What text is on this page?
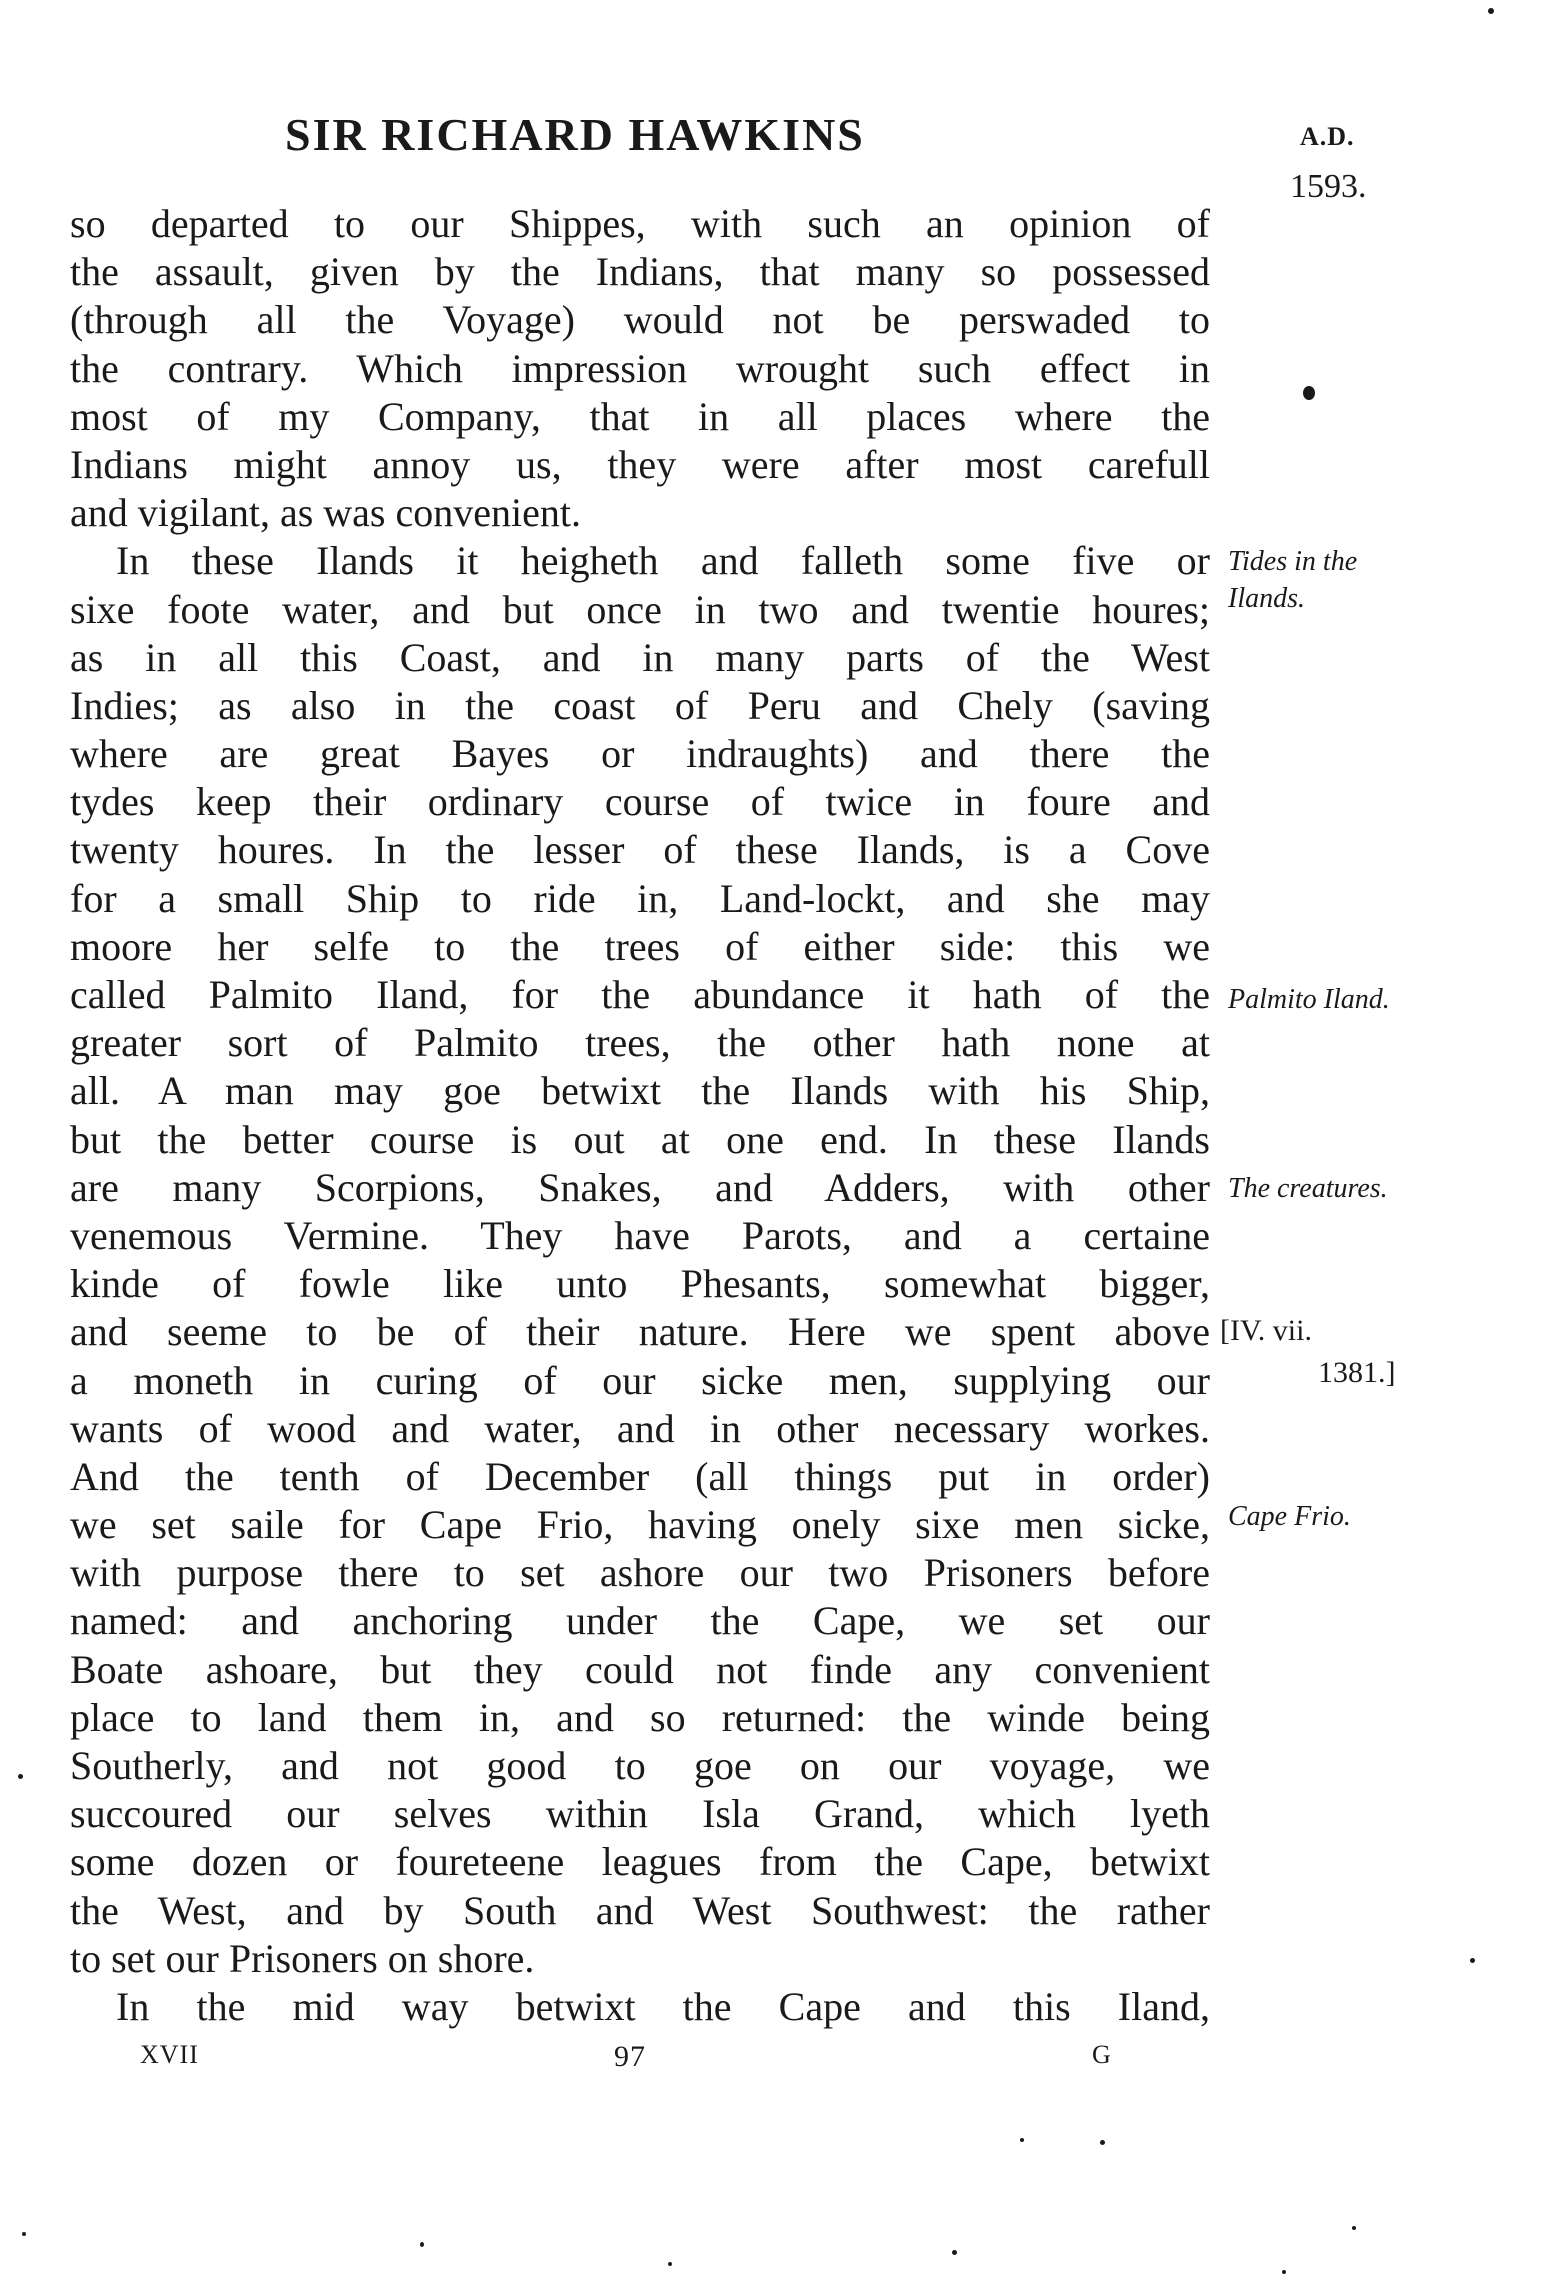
SIR RICHARD HAWKINS	A.D.
1593.
so departed to our Shippes, with such an opinion of
the assault, given by the Indians, that many so possessed
(through all the Voyage) would not be perswaded to
the contrary. Which impression wrought such effect in
most of my Company, that in all places where the
Indians might annoy us, they were after most carefull
and vigilant, as was convenient.
In these Ilands it heigheth and falleth some five or
sixe foote water, and but once in two and twentie houres;
as in all this Coast, and in many parts of the West
Indies; as also in the coast of Peru and Chely (saving
where are great Bayes or indraughts) and there the
tydes keep their ordinary course of twice in foure and
twenty houres. In the lesser of these Ilands, is a Cove
for a small Ship to ride in, Land-lockt, and she may
moore her selfe to the trees of either side: this we
called Palmito Iland, for the abundance it hath of the
greater sort of Palmito trees, the other hath none at
all. A man may goe betwixt the Ilands with his Ship,
but the better course is out at one end. In these Ilands
are many Scorpions, Snakes, and Adders, with other
venemous Vermine. They have Parots, and a certaine
kinde of fowle like unto Phesants, somewhat bigger,
and seeme to be of their nature. Here we spent above
a moneth in curing of our sicke men, supplying our
wants of wood and water, and in other necessary workes.
And the tenth of December (all things put in order)
we set saile for Cape Frio, having onely sixe men sicke,
with purpose there to set ashore our two Prisoners before
named: and anchoring under the Cape, we set our
Boate ashoare, but they could not finde any convenient
place to land them in, and so returned: the winde being
Southerly, and not good to goe on our voyage, we
succoured our selves within Isla Grand, which lyeth
some dozen or foureteene leagues from the Cape, betwixt
the West, and by South and West Southwest: the rather
to set our Prisoners on shore.
In the mid way betwixt the Cape and this Iland,
Tides in the
Ilands.
Palmito Iland.
The creatures.
[IV. vii.
1381.]
Cape Frio.
XVII	97	G
